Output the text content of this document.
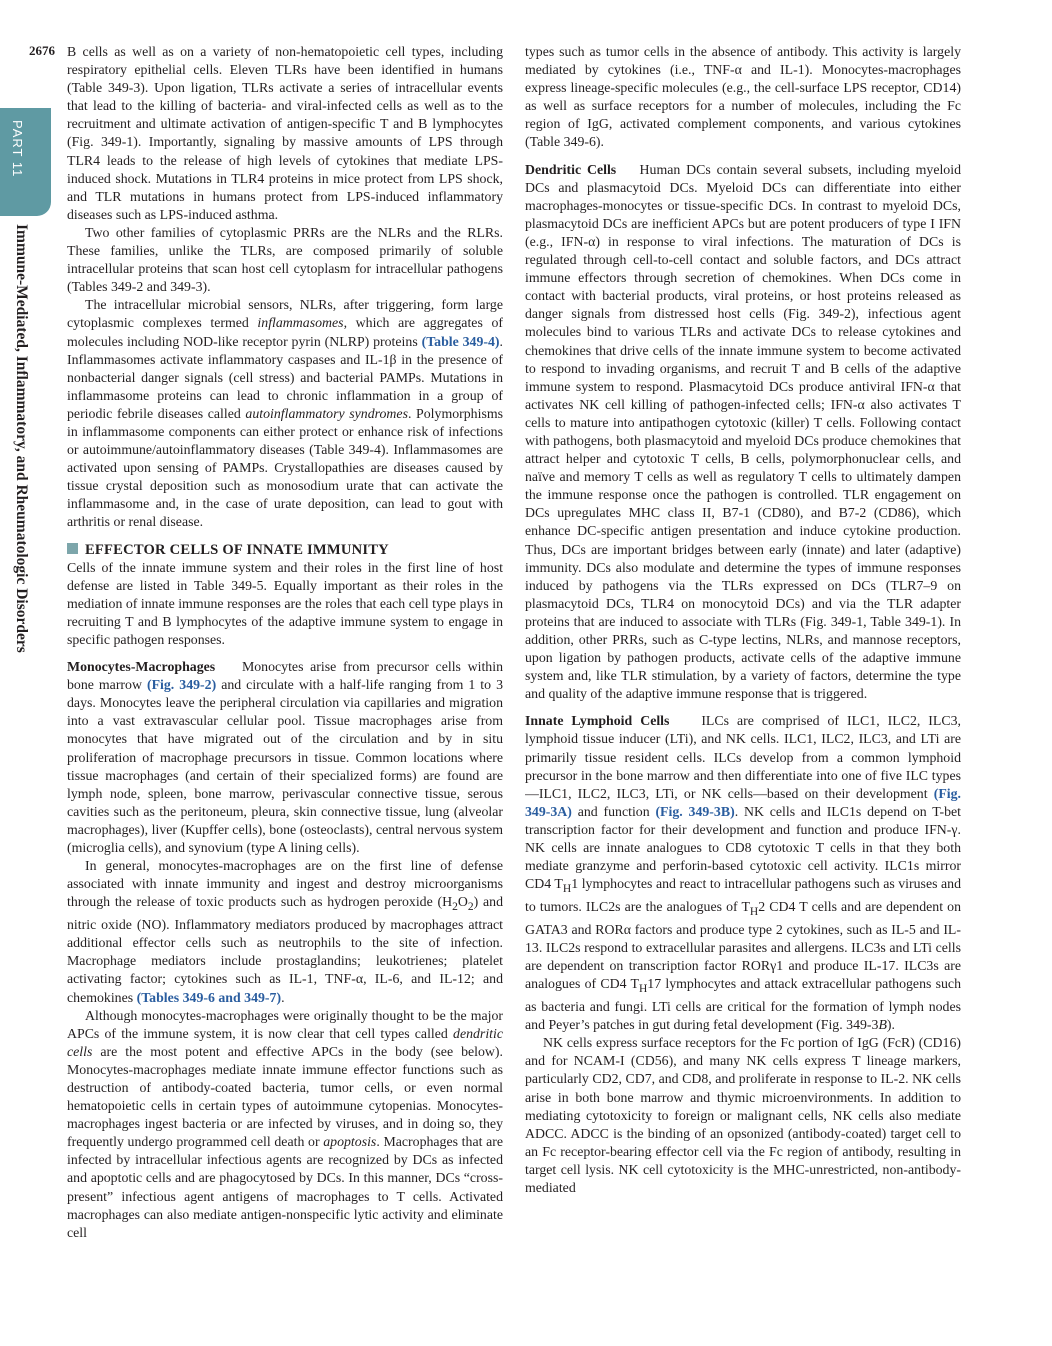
2676
PART 11
Immune-Mediated, Inflammatory, and Rheumatologic Disorders

B cells as well as on a variety of non-hematopoietic cell types, including respiratory epithelial cells. Eleven TLRs have been identified in humans (Table 349-3). Upon ligation, TLRs activate a series of intracellular events that lead to the killing of bacteria- and viral-infected cells as well as to the recruitment and ultimate activation of antigen-specific T and B lymphocytes (Fig. 349-1). Importantly, signaling by massive amounts of LPS through TLR4 leads to the release of high levels of cytokines that mediate LPS-induced shock. Mutations in TLR4 proteins in mice protect from LPS shock, and TLR mutations in humans protect from LPS-induced inflammatory diseases such as LPS-induced asthma.

Two other families of cytoplasmic PRRs are the NLRs and the RLRs. These families, unlike the TLRs, are composed primarily of soluble intracellular proteins that scan host cell cytoplasm for intracellular pathogens (Tables 349-2 and 349-3).

The intracellular microbial sensors, NLRs, after triggering, form large cytoplasmic complexes termed inflammasomes, which are aggregates of molecules including NOD-like receptor pyrin (NLRP) proteins (Table 349-4). Inflammasomes activate inflammatory caspases and IL-1β in the presence of nonbacterial danger signals (cell stress) and bacterial PAMPs. Mutations in inflammasome proteins can lead to chronic inflammation in a group of periodic febrile diseases called autoinflammatory syndromes. Polymorphisms in inflammasome components can either protect or enhance risk of infections or autoimmune/autoinflammatory diseases (Table 349-4). Inflammasomes are activated upon sensing of PAMPs. Crystallopathies are diseases caused by tissue crystal deposition such as monosodium urate that can activate the inflammasome and, in the case of urate deposition, can lead to gout with arthritis or renal disease.

EFFECTOR CELLS OF INNATE IMMUNITY

Cells of the innate immune system and their roles in the first line of host defense are listed in Table 349-5. Equally important as their roles in the mediation of innate immune responses are the roles that each cell type plays in recruiting T and B lymphocytes of the adaptive immune system to engage in specific pathogen responses.

Monocytes-Macrophages Monocytes arise from precursor cells within bone marrow (Fig. 349-2) and circulate with a half-life ranging from 1 to 3 days. Monocytes leave the peripheral circulation via capillaries and migration into a vast extravascular cellular pool. Tissue macrophages arise from monocytes that have migrated out of the circulation and by in situ proliferation of macrophage precursors in tissue. Common locations where tissue macrophages (and certain of their specialized forms) are found are lymph node, spleen, bone marrow, perivascular connective tissue, serous cavities such as the peritoneum, pleura, skin connective tissue, lung (alveolar macrophages), liver (Kupffer cells), bone (osteoclasts), central nervous system (microglia cells), and synovium (type A lining cells).

In general, monocytes-macrophages are on the first line of defense associated with innate immunity and ingest and destroy microorganisms through the release of toxic products such as hydrogen peroxide $(H_2O_2)$ and nitric oxide (NO). Inflammatory mediators produced by macrophages attract additional effector cells such as neutrophils to the site of infection. Macrophage mediators include prostaglandins; leukotrienes; platelet activating factor; cytokines such as IL-1, TNF-α, IL-6, and IL-12; and chemokines (Tables 349-6 and 349-7).

Although monocytes-macrophages were originally thought to be the major APCs of the immune system, it is now clear that cell types called dendritic cells are the most potent and effective APCs in the body (see below). Monocytes-macrophages mediate innate immune effector functions such as destruction of antibody-coated bacteria, tumor cells, or even normal hematopoietic cells in certain types of autoimmune cytopenias. Monocytes-macrophages ingest bacteria or are infected by viruses, and in doing so, they frequently undergo programmed cell death or apoptosis. Macrophages that are infected by intracellular infectious agents are recognized by DCs as infected and apoptotic cells and are phagocytosed by DCs. In this manner, DCs “cross-present” infectious agent antigens of macrophages to T cells. Activated macrophages can also mediate antigen-nonspecific lytic activity and eliminate cell

types such as tumor cells in the absence of antibody. This activity is largely mediated by cytokines (i.e., TNF-α and IL-1). Monocytes-macrophages express lineage-specific molecules (e.g., the cell-surface LPS receptor, CD14) as well as surface receptors for a number of molecules, including the Fc region of IgG, activated complement components, and various cytokines (Table 349-6).

Dendritic Cells Human DCs contain several subsets, including myeloid DCs and plasmacytoid DCs. Myeloid DCs can differentiate into either macrophages-monocytes or tissue-specific DCs. In contrast to myeloid DCs, plasmacytoid DCs are inefficient APCs but are potent producers of type I IFN (e.g., IFN-α) in response to viral infections. The maturation of DCs is regulated through cell-to-cell contact and soluble factors, and DCs attract immune effectors through secretion of chemokines. When DCs come in contact with bacterial products, viral proteins, or host proteins released as danger signals from distressed host cells (Fig. 349-2), infectious agent molecules bind to various TLRs and activate DCs to release cytokines and chemokines that drive cells of the innate immune system to become activated to respond to invading organisms, and recruit T and B cells of the adaptive immune system to respond. Plasmacytoid DCs produce antiviral IFN-α that activates NK cell killing of pathogen-infected cells; IFN-α also activates T cells to mature into antipathogen cytotoxic (killer) T cells. Following contact with pathogens, both plasmacytoid and myeloid DCs produce chemokines that attract helper and cytotoxic T cells, B cells, polymorphonuclear cells, and naïve and memory T cells as well as regulatory T cells to ultimately dampen the immune response once the pathogen is controlled. TLR engagement on DCs upregulates MHC class II, B7-1 (CD80), and B7-2 (CD86), which enhance DC-specific antigen presentation and induce cytokine production. Thus, DCs are important bridges between early (innate) and later (adaptive) immunity. DCs also modulate and determine the types of immune responses induced by pathogens via the TLRs expressed on DCs (TLR7–9 on plasmacytoid DCs, TLR4 on monocytoid DCs) and via the TLR adapter proteins that are induced to associate with TLRs (Fig. 349-1, Table 349-1). In addition, other PRRs, such as C-type lectins, NLRs, and mannose receptors, upon ligation by pathogen products, activate cells of the adaptive immune system and, like TLR stimulation, by a variety of factors, determine the type and quality of the adaptive immune response that is triggered.

Innate Lymphoid Cells ILCs are comprised of ILC1, ILC2, ILC3, lymphoid tissue inducer (LTi), and NK cells. ILC1, ILC2, ILC3, and LTi are primarily tissue resident cells. ILCs develop from a common lymphoid precursor in the bone marrow and then differentiate into one of five ILC types—ILC1, ILC2, ILC3, LTi, or NK cells—based on their development (Fig. 349-3A) and function (Fig. 349-3B). NK cells and ILC1s depend on T-bet transcription factor for their development and function and produce IFN-γ. NK cells are innate analogues to CD8 cytotoxic T cells in that they both mediate granzyme and perforin-based cytotoxic cell activity. ILC1s mirror CD4 $T_H1$ lymphocytes and react to intracellular pathogens such as viruses and to tumors. ILC2s are the analogues of $T_H2$ CD4 T cells and are dependent on GATA3 and RORα factors and produce type 2 cytokines, such as IL-5 and IL-13. ILC2s respond to extracellular parasites and allergens. ILC3s and LTi cells are dependent on transcription factor RORγ1 and produce IL-17. ILC3s are analogues of CD4 $T_H17$ lymphocytes and attack extracellular pathogens such as bacteria and fungi. LTi cells are critical for the formation of lymph nodes and Peyer’s patches in gut during fetal development (Fig. 349-3B).

NK cells express surface receptors for the Fc portion of IgG (FcR) (CD16) and for NCAM-I (CD56), and many NK cells express T lineage markers, particularly CD2, CD7, and CD8, and proliferate in response to IL-2. NK cells arise in both bone marrow and thymic microenvironments. In addition to mediating cytotoxicity to foreign or malignant cells, NK cells also mediate ADCC. ADCC is the binding of an opsonized (antibody-coated) target cell to an Fc receptor-bearing effector cell via the Fc region of antibody, resulting in target cell lysis. NK cell cytotoxicity is the MHC-unrestricted, non-antibody-mediated
